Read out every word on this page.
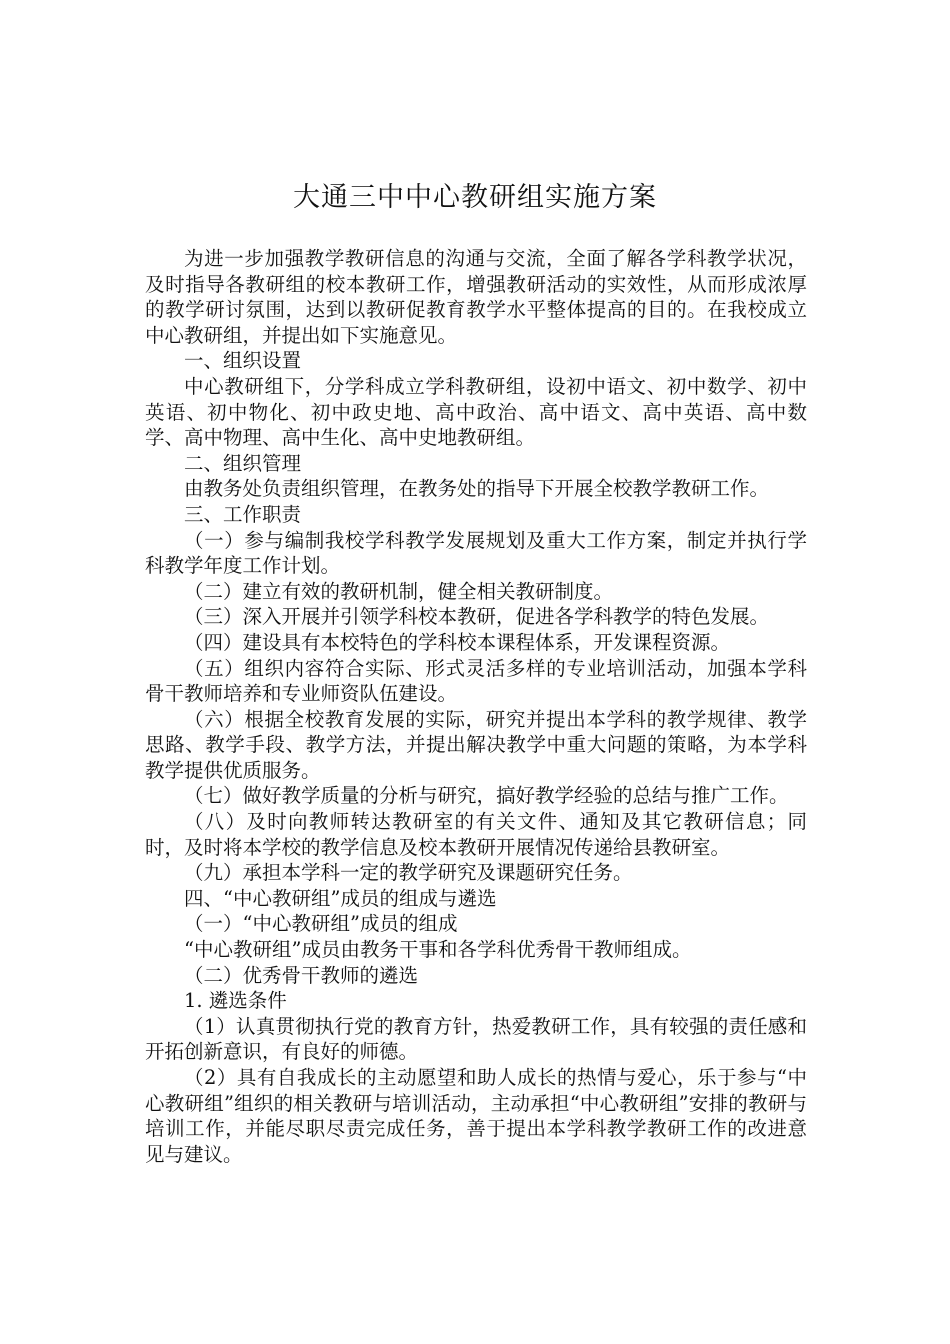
大通三中中心教研组实施方案

为进一步加强教学教研信息的沟通与交流，全面了解各学科教学状况，及时指导各教研组的校本教研工作，增强教研活动的实效性，从而形成浓厚的教学研讨氛围，达到以教研促教育教学水平整体提高的目的。在我校成立中心教研组，并提出如下实施意见。

一、组织设置

中心教研组下，分学科成立学科教研组，设初中语文、初中数学、初中英语、初中物化、初中政史地、高中政治、高中语文、高中英语、高中数学、高中物理、高中生化、高中史地教研组。

二、组织管理

由教务处负责组织管理，在教务处的指导下开展全校教学教研工作。

三、工作职责

（一）参与编制我校学科教学发展规划及重大工作方案，制定并执行学科教学年度工作计划。

（二）建立有效的教研机制，健全相关教研制度。

（三）深入开展并引领学科校本教研，促进各学科教学的特色发展。

（四）建设具有本校特色的学科校本课程体系，开发课程资源。

（五）组织内容符合实际、形式灵活多样的专业培训活动，加强本学科骨干教师培养和专业师资队伍建设。

（六）根据全校教育发展的实际，研究并提出本学科的教学规律、教学思路、教学手段、教学方法，并提出解决教学中重大问题的策略，为本学科教学提供优质服务。

（七）做好教学质量的分析与研究，搞好教学经验的总结与推广工作。

（八）及时向教师转达教研室的有关文件、通知及其它教研信息；同时，及时将本学校的教学信息及校本教研开展情况传递给县教研室。

（九）承担本学科一定的教学研究及课题研究任务。

四、“中心教研组”成员的组成与遴选

（一）“中心教研组”成员的组成

“中心教研组”成员由教务干事和各学科优秀骨干教师组成。

（二）优秀骨干教师的遴选

1. 遴选条件

（1）认真贯彻执行党的教育方针，热爱教研工作，具有较强的责任感和开拓创新意识，有良好的师德。

（2）具有自我成长的主动愿望和助人成长的热情与爱心，乐于参与“中心教研组”组织的相关教研与培训活动，主动承担“中心教研组”安排的教研与培训工作，并能尽职尽责完成任务，善于提出本学科教学教研工作的改进意见与建议。
